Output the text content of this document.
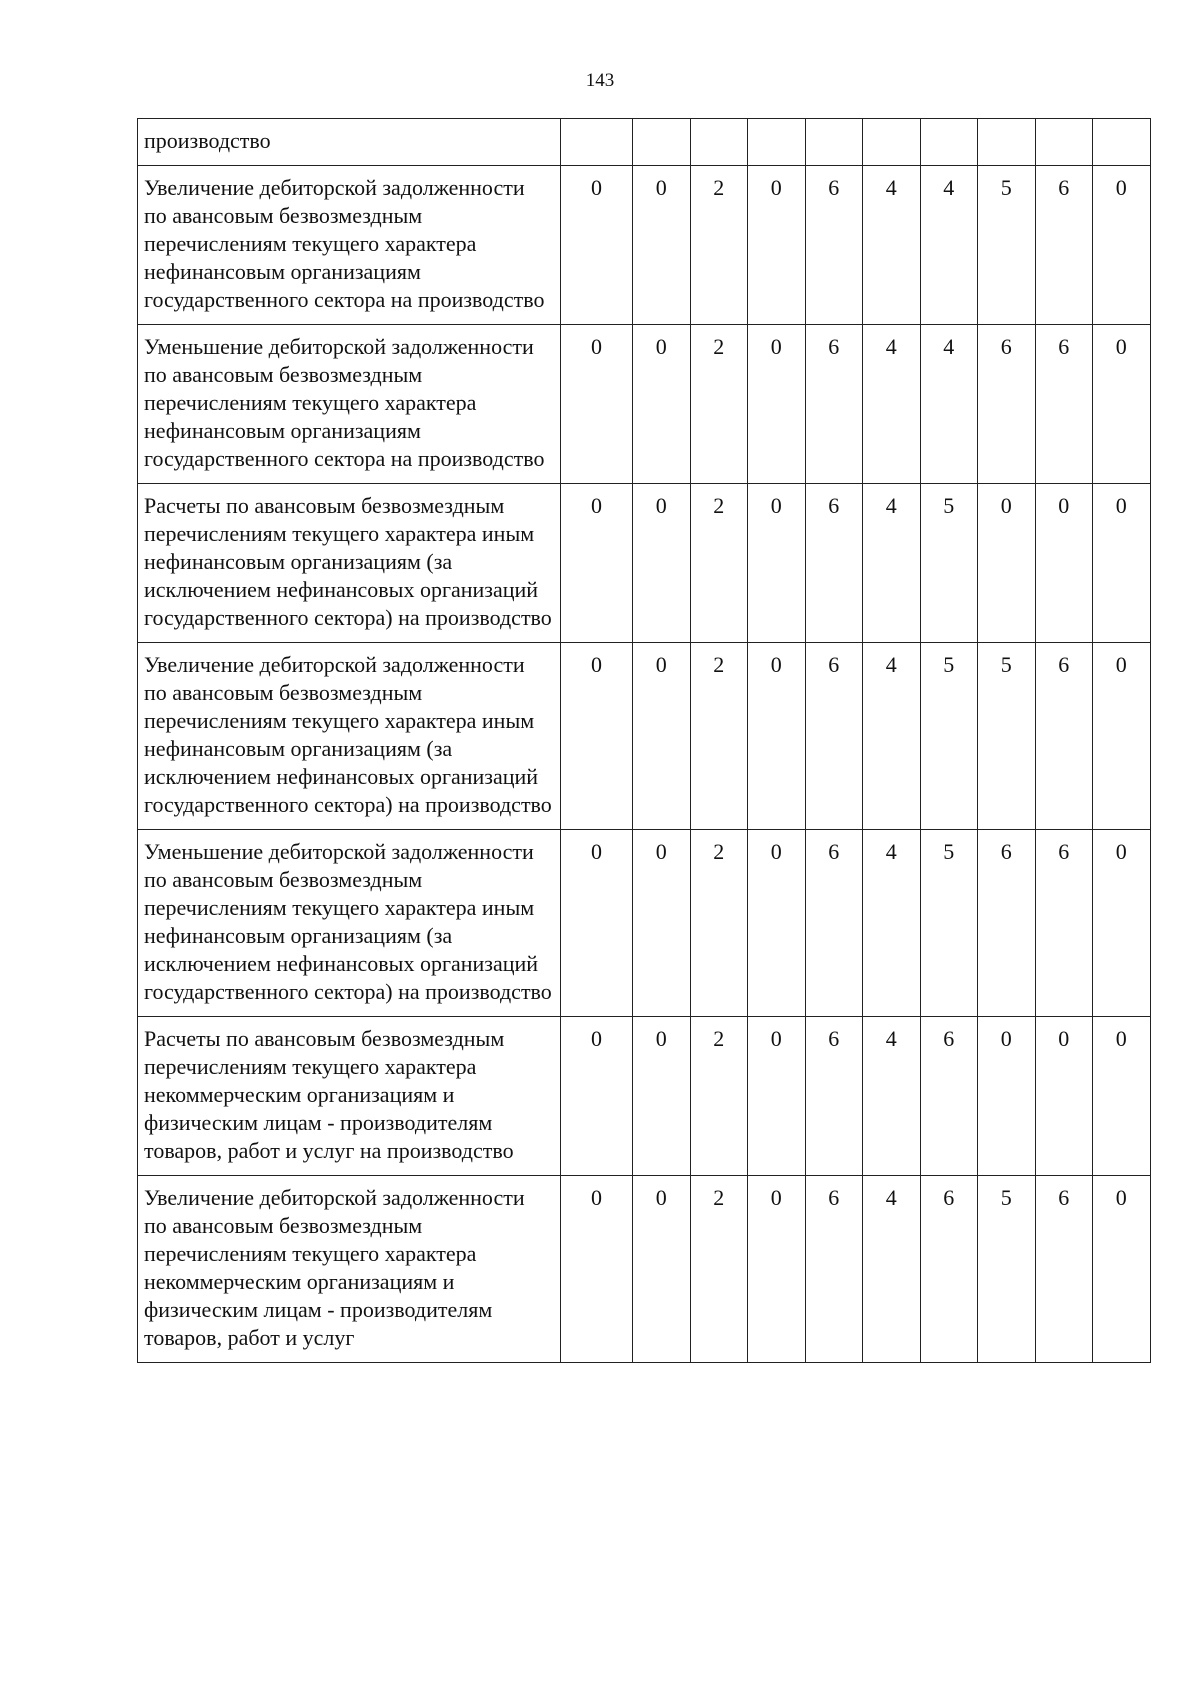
143
производство										
Увеличение дебиторской задолженности по авансовым безвозмездным перечислениям текущего характера нефинансовым организациям государственного сектора на производство	0	0	2	0	6	4	4	5	6	0
Уменьшение дебиторской задолженности по авансовым безвозмездным перечислениям текущего характера нефинансовым организациям государственного сектора на производство	0	0	2	0	6	4	4	6	6	0
Расчеты по авансовым безвозмездным перечислениям текущего характера иным нефинансовым организациям (за исключением нефинансовых организаций государственного сектора) на производство	0	0	2	0	6	4	5	0	0	0
Увеличение дебиторской задолженности по авансовым безвозмездным перечислениям текущего характера иным нефинансовым организациям (за исключением нефинансовых организаций государственного сектора) на производство	0	0	2	0	6	4	5	5	6	0
Уменьшение дебиторской задолженности по авансовым безвозмездным перечислениям текущего характера иным нефинансовым организациям (за исключением нефинансовых организаций государственного сектора) на производство	0	0	2	0	6	4	5	6	6	0
Расчеты по авансовым безвозмездным перечислениям текущего характера некоммерческим организациям и физическим лицам - производителям товаров, работ и услуг на производство	0	0	2	0	6	4	6	0	0	0
Увеличение дебиторской задолженности по авансовым безвозмездным перечислениям текущего характера некоммерческим организациям и физическим лицам - производителям товаров, работ и услуг	0	0	2	0	6	4	6	5	6	0
